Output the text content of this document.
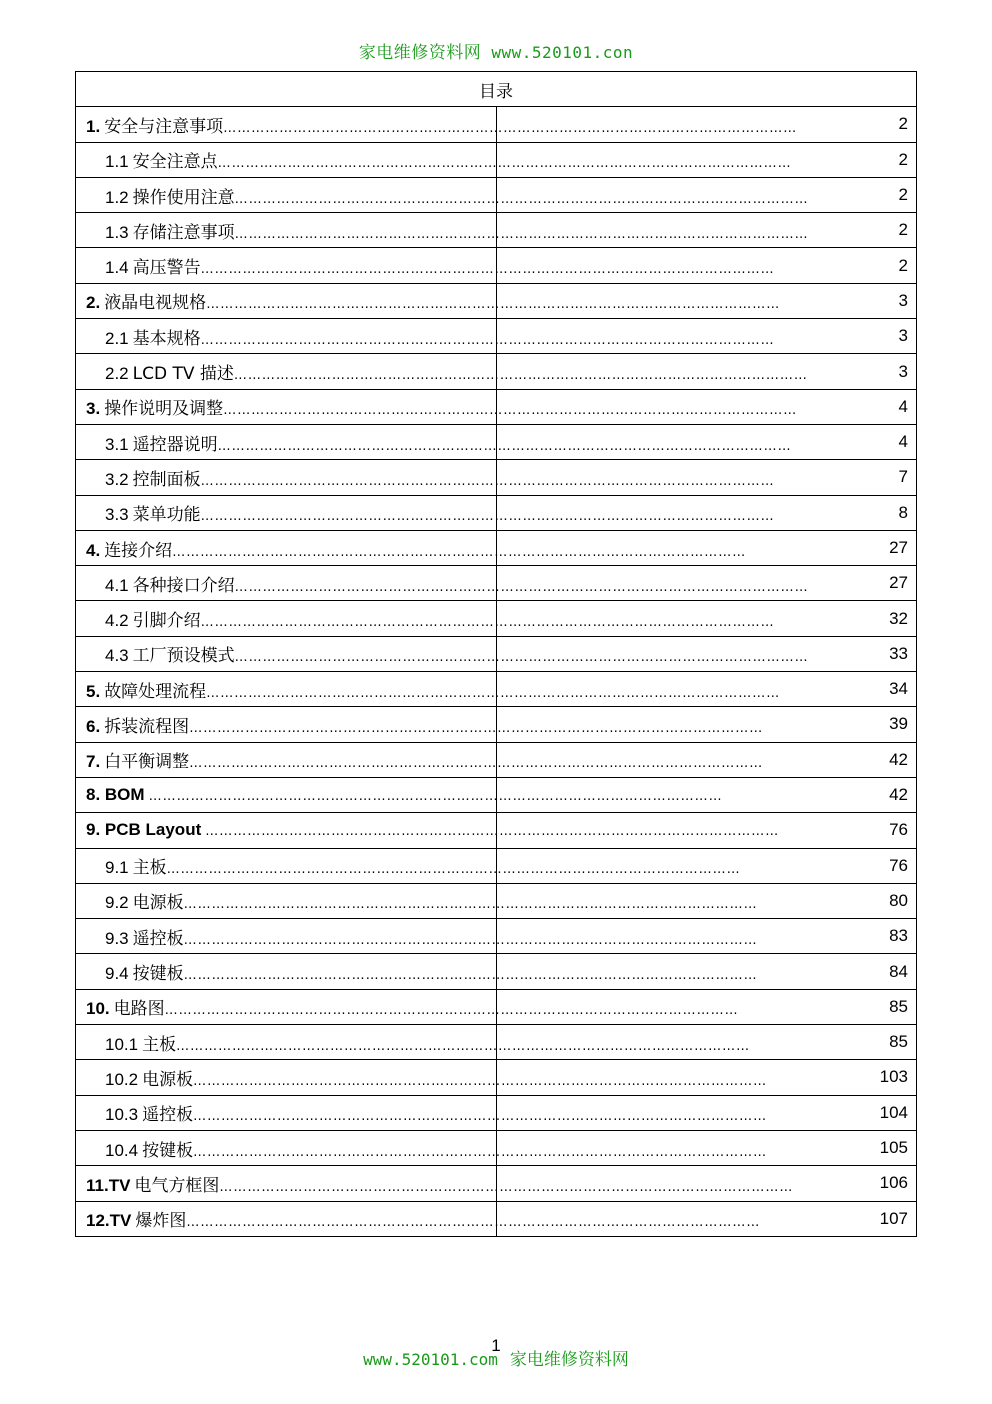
家电维修资料网 www.520101.con
目录	

1. 安全与注意事项 ……………………………………………………………………………………………………………	2

1.1 安全注意点 ……………………………………………………………………………………………………………	2

1.2 操作使用注意 ……………………………………………………………………………………………………………	2

1.3 存储注意事项 ……………………………………………………………………………………………………………	2

1.4 高压警告 ……………………………………………………………………………………………………………	2

2. 液晶电视规格 ……………………………………………………………………………………………………………	3

2.1 基本规格 ……………………………………………………………………………………………………………	3

2.2 LCD TV 描述 ……………………………………………………………………………………………………………	3

3. 操作说明及调整 ……………………………………………………………………………………………………………	4

3.1 遥控器说明 ……………………………………………………………………………………………………………	4

3.2 控制面板 ……………………………………………………………………………………………………………	7

3.3 菜单功能 ……………………………………………………………………………………………………………	8

4. 连接介绍 ……………………………………………………………………………………………………………	27

4.1 各种接口介绍 ……………………………………………………………………………………………………………	27

4.2 引脚介绍 ……………………………………………………………………………………………………………	32

4.3 工厂预设模式 ……………………………………………………………………………………………………………	33

5. 故障处理流程 ……………………………………………………………………………………………………………	34

6. 拆装流程图 ……………………………………………………………………………………………………………	39

7. 白平衡调整 ……………………………………………………………………………………………………………	42

8. BOM ……………………………………………………………………………………………………………	42

9. PCB Layout ……………………………………………………………………………………………………………	76

9.1 主板 ……………………………………………………………………………………………………………	76

9.2 电源板 ……………………………………………………………………………………………………………	80

9.3 遥控板 ……………………………………………………………………………………………………………	83

9.4 按键板 ……………………………………………………………………………………………………………	84

10. 电路图 ……………………………………………………………………………………………………………	85

10.1 主板 ……………………………………………………………………………………………………………	85

10.2 电源板 ……………………………………………………………………………………………………………	103

10.3 遥控板 ……………………………………………………………………………………………………………	104

10.4 按键板 ……………………………………………………………………………………………………………	105

11.TV 电气方框图 ……………………………………………………………………………………………………………	106

12.TV 爆炸图 ……………………………………………………………………………………………………………	107
1
www.520101.com 家电维修资料网
